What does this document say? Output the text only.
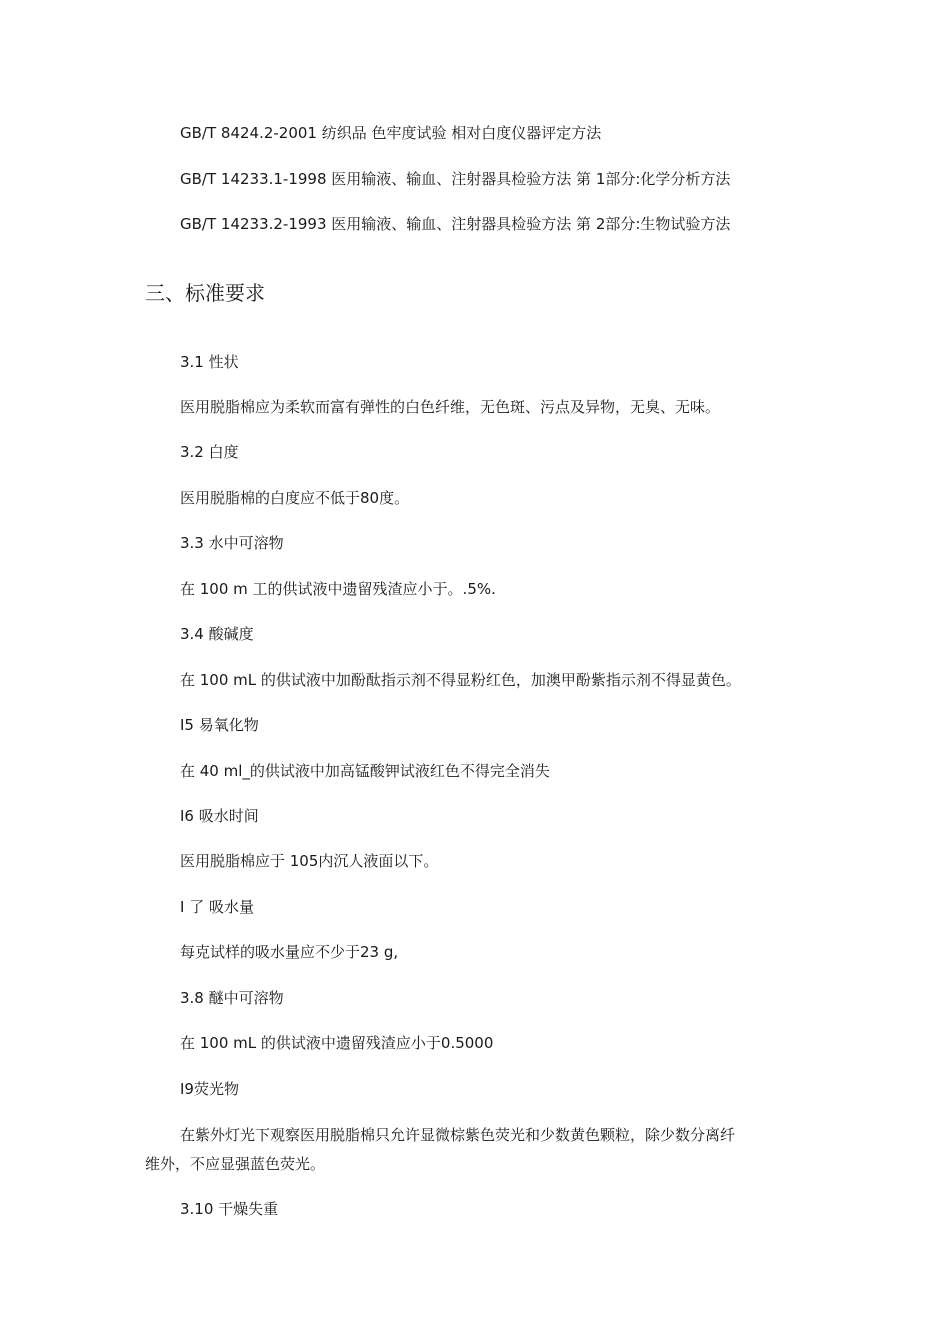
GB/T 8424.2-2001 纺织品 色牢度试验 相对白度仪器评定方法
GB/T 14233.1-1998 医用输液、输血、注射器具检验方法 第 1部分:化学分析方法
GB/T 14233.2-1993 医用输液、输血、注射器具检验方法 第 2部分:生物试验方法
三、标准要求
3.1 性状
医用脱脂棉应为柔软而富有弹性的白色纤维，无色斑、污点及异物，无臭、无味。
3.2 白度
医用脱脂棉的白度应不低于80度。
3.3 水中可溶物
在 100 m 工的供试液中遗留残渣应小于。.5%.
3.4 酸碱度
在 100 mL 的供试液中加酚酞指示剂不得显粉红色，加澳甲酚紫指示剂不得显黄色。
I5 易氧化物
在 40 ml_的供试液中加高锰酸钾试液红色不得完全消失
I6 吸水时间
医用脱脂棉应于 105内沉人液面以下。
I 了 吸水量
每克试样的吸水量应不少于23 g,
3.8 醚中可溶物
在 100 mL 的供试液中遗留残渣应小于0.5000
I9荧光物
在紫外灯光下观察医用脱脂棉只允许显微棕紫色荧光和少数黄色颗粒，除少数分离纤
维外，不应显强蓝色荧光。
3.10 干燥失重
